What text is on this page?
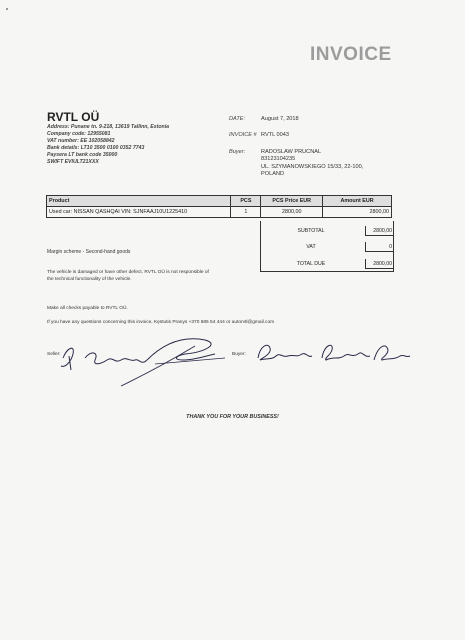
INVOICE
RVTL OÜ
Address: Punane tn. 9-218, 13619 Tallinn, Estonia
Company code: 12955081
VAT number: EE 102058842
Bank details: LT10 3500 0100 0352 7743
Paysera LT bank code 35000
SWIFT EVIULT21XXX
DATE:	August 7, 2018
INVOICE # RVTL 0043
Buyer:	RADOSLAW PRUCNAL
83123104235
UL. SZYMANOWSKIEGO 15/33, 22-100,
POLAND
Product	PCS	PCS Price EUR	Amount EUR
Used car: NISSAN QASHQAI VIN: SJNFAAJ10U1225410	1	2800,00	2800,00
SUBTOTAL	2800,00
VAT	0
TOTAL DUE	2800,00
Margin scheme - Second-hand goods
The vehicle is damaged or have other defect. RVTL OÜ is not responsible of
the technical functionality of the vehicle.
Make all checks payable to RVTL OÜ.
If you have any questions concerning this invoice, Kęstutis Pranys +370 685 54 444 or autorvtl@gmail.com
Seller:	Buyer:
THANK YOU FOR YOUR BUSINESS!
